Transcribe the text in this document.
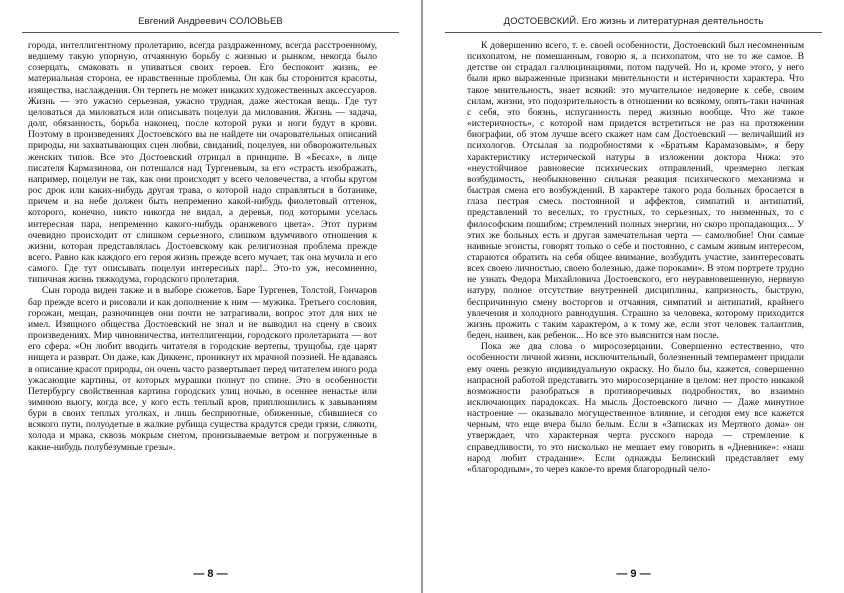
Евгений Андреевич СОЛОВЬЕВ

города, интеллигентному пролетарию, всегда раздраженному, всегда расстроенному, ведшему такую упорную, отчаянную борьбу с жизнью и рынком, некогда было созерцать, смаковать и упиваться своих героев. Его беспокоит жизнь, ее материальная сторона, ее нравственные проблемы. Он как бы сторонится красоты, изящества, наслаждения. Он терпеть не может никаких художественных аксессуаров. Жизнь — это ужасно серьезная, ужасно трудная, даже жестокая вещь. Где тут целоваться да миловаться или описывать поцелуи да милования. Жизнь — задача, долг, обязанность, борьба наконец, после которой руки и ноги будут в крови. Поэтому в произведениях Достоевского вы не найдете ни очаровательных описаний природы, ни захватывающих сцен любви, свиданий, поцелуев, ни обворожительных женских типов. Все это Достоевский отрицал в принципе. В «Бесах», в лице писателя Кармазинова, он потешался над Тургеневым, за его «страсть изображать, например, поцелуи не так, как они происходят у всего человечества, а чтобы кругом рос дрок или каких-нибудь другая трава, о которой надо справляться в ботанике, причем и на небе должен быть непременно какой-нибудь фиолетовый оттенок, которого, конечно, никто никогда не видал, а деревья, под которыми уселась интересная пара, непременно какого-нибудь оранжевого цвета». Этот пуризм очевидно происходит от слишком серьезного, слишком вдумчивого отношения к жизни, которая представлялась Достоевскому как религиозная проблема прежде всего. Равно как каждого его героя жизнь прежде всего мучает, так она мучила и его самого. Где тут описывать поцелуи интересных пар!.. Это-то уж, несомненно, типичная жизнь тяжкодума, городского пролетария.

Сын города виден также и в выборе сюжетов. Баре Тургенев, Толстой, Гончаров бар прежде всего и рисовали и как дополнение к ним — мужика. Третьего сословия, горожан, мещан, разночинцев они почти не затрагивали, вопрос этот для них не имел. Изящного общества Достоевский не знал и не выводил на сцену в своих произведениях. Мир чиновничества, интеллигенции, городского пролетариата — вот его сфера. «Он любит вводить читателя в городские вертепы, трущобы, где царят нищета и разврат. Он даже, как Диккенс, проникнут их мрачной поэзией. Не вдаваясь в описание красот природы, он очень часто развертывает перед читателем иного рода ужасающие картины, от которых мурашки полнут по спине. Это в особенности Петербургу свойственная картина городских улиц ночью, в осеннее ненастье или зимнюю вьюгу, когда все, у кого есть теплый кров, приплюшились к завываниям бури в своих теплых уголках, и лишь бесприютные, обиженные, сбившиеся со всякого пути, полуодетые в жалкие рубища существа крадутся среди грязи, слякоти, холода и мрака, сквозь мокрым снегом, пронизываемые ветром и погруженные в какие-нибудь полубезумные грезы».

— 8 —
ДОСТОЕВСКИЙ. Его жизнь и литературная деятельность

К довершению всего, т. е. своей особенности, Достоевский был несомненным психопатом, не помешанным, говорю я, а психопатом, что не то же самое. В детстве он страдал галлюцинациями, потом падучей. Но и, кроме этого, у него были ярко выраженные признаки мнительности и истеричности характера. Что такое мнительность, знает всякий: это мучительное недоверие к себе, своим силам, жизни, это подозрительность в отношении ко всякому, опять-таки начиная с себя, это боязнь, испуганность перед жизнью вообще. Что же такое «истеричность», с которой нам придется встретиться не раз на протяжении биографии, об этом лучше всего скажет нам сам Достоевский — величайший из психологов. Отсылая за подробностями к «Братьям Карамазовым», я беру характеристику истерической натуры в изложении доктора Чижа: это «неустойчивое равновесие психических отправлений, чрезмерно легкая возбудимость, необыкновенно сильная реакция психического механизма и быстрая смена его возбуждений. В характере такого рода больных бросается в глаза пестрая смесь постоянной и аффектов, симпатий и антипатий, представлений то веселых, то грустных, то серьезных, то низменных, то с философским пошибом; стремлений полных энергии, но скоро пропадающих... У этих же больных есть и другая замечательная черта — самолюбие! Они самые наивные эгоисты, говорят только о себе и постоянно, с самым живым интересом, стараются обратить на себя общее внимание, возбудить участие, заинтересовать всех своею личностью, своею болезнью, даже пороками». В этом портрете трудно не узнать Федора Михайловича Достоевского, его неуравновешенную, нервную натуру, полное отсутствие внутренней дисциплины, капризность, быструю, беспричинную смену восторгов и отчаяния, симпатий и антипатий, крайнего увлечения и холодного равнодушия. Страшно за человека, которому приходится жизнь прожить с таким характером, а к тому же, если этот человек талантлив, беден, наивен, как ребенок... Но все это выяснится нам после.

Пока же два слова о миросозерцании. Совершенно естественно, что особенности личной жизни, исключительный, болезненный темперамент придали ему очень резкую индивидуальную окраску. Но было бы, кажется, совершенно напрасной работой представить это миросозерцание в целом: нет просто никакой возможности разобраться в противоречивых подробностях, во взаимно исключающих парадоксах. На мысль Достоевского лично — Даже минутное настроение — оказывало могущественное влияние, и сегодня ему все кажется черным, что еще вчера было белым. Если в «Записках из Мертвого дома» он утверждает, что характерная черта русского народа — стремление к справедливости, то это нисколько не мешает ему говорить в «Дневнике»: «наш народ любит страдание». Если однажды Белинский представляет ему «благородным», то через какое-то время благородный чело-

— 9 —
